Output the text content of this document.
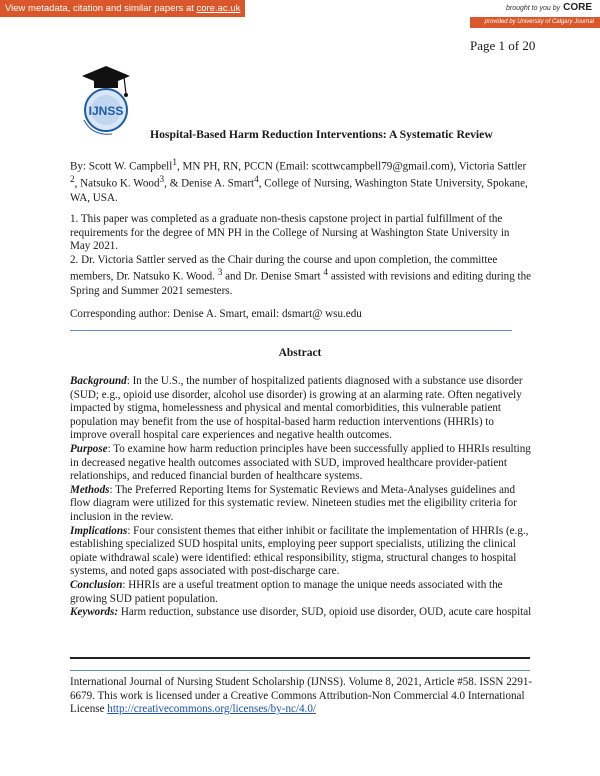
View metadata, citation and similar papers at core.ac.uk	brought to you by CORE
provided by University of Calgary Journal Hosting
Page 1 of 20
IJNSS
Hospital-Based Harm Reduction Interventions: A Systematic Review
By: Scott W. Campbell$^1$, MN PH, RN, PCCN (Email: scottwcampbell79@gmail.com), Victoria Sattler $^2$, Natsuko K. Wood$^3$, & Denise A. Smart$^4$, College of Nursing, Washington State University, Spokane, WA, USA.
1. This paper was completed as a graduate non-thesis capstone project in partial fulfillment of the requirements for the degree of MN PH in the College of Nursing at Washington State University in May 2021.
2. Dr. Victoria Sattler served as the Chair during the course and upon completion, the committee members, Dr. Natsuko K. Wood. $^3$ and Dr. Denise Smart $^4$ assisted with revisions and editing during the Spring and Summer 2021 semesters.
Corresponding author: Denise A. Smart, email: dsmart@ wsu.edu
Abstract

Background: In the U.S., the number of hospitalized patients diagnosed with a substance use disorder (SUD; e.g., opioid use disorder, alcohol use disorder) is growing at an alarming rate. Often negatively impacted by stigma, homelessness and physical and mental comorbidities, this vulnerable patient population may benefit from the use of hospital-based harm reduction interventions (HHRIs) to improve overall hospital care experiences and negative health outcomes.

Purpose: To examine how harm reduction principles have been successfully applied to HHRIs resulting in decreased negative health outcomes associated with SUD, improved healthcare provider-patient relationships, and reduced financial burden of healthcare systems.

Methods: The Preferred Reporting Items for Systematic Reviews and Meta-Analyses guidelines and flow diagram were utilized for this systematic review. Nineteen studies met the eligibility criteria for inclusion in the review.

Implications: Four consistent themes that either inhibit or facilitate the implementation of HHRIs (e.g., establishing specialized SUD hospital units, employing peer support specialists, utilizing the clinical opiate withdrawal scale) were identified: ethical responsibility, stigma, structural changes to hospital systems, and noted gaps associated with post-discharge care.

Conclusion: HHRIs are a useful treatment option to manage the unique needs associated with the growing SUD patient population.

Keywords: Harm reduction, substance use disorder, SUD, opioid use disorder, OUD, acute care hospital

International Journal of Nursing Student Scholarship (IJNSS). Volume 8, 2021, Article #58. ISSN 2291-6679. This work is licensed under a Creative Commons Attribution-Non Commercial 4.0 International License http://creativecommons.org/licenses/by-nc/4.0/
